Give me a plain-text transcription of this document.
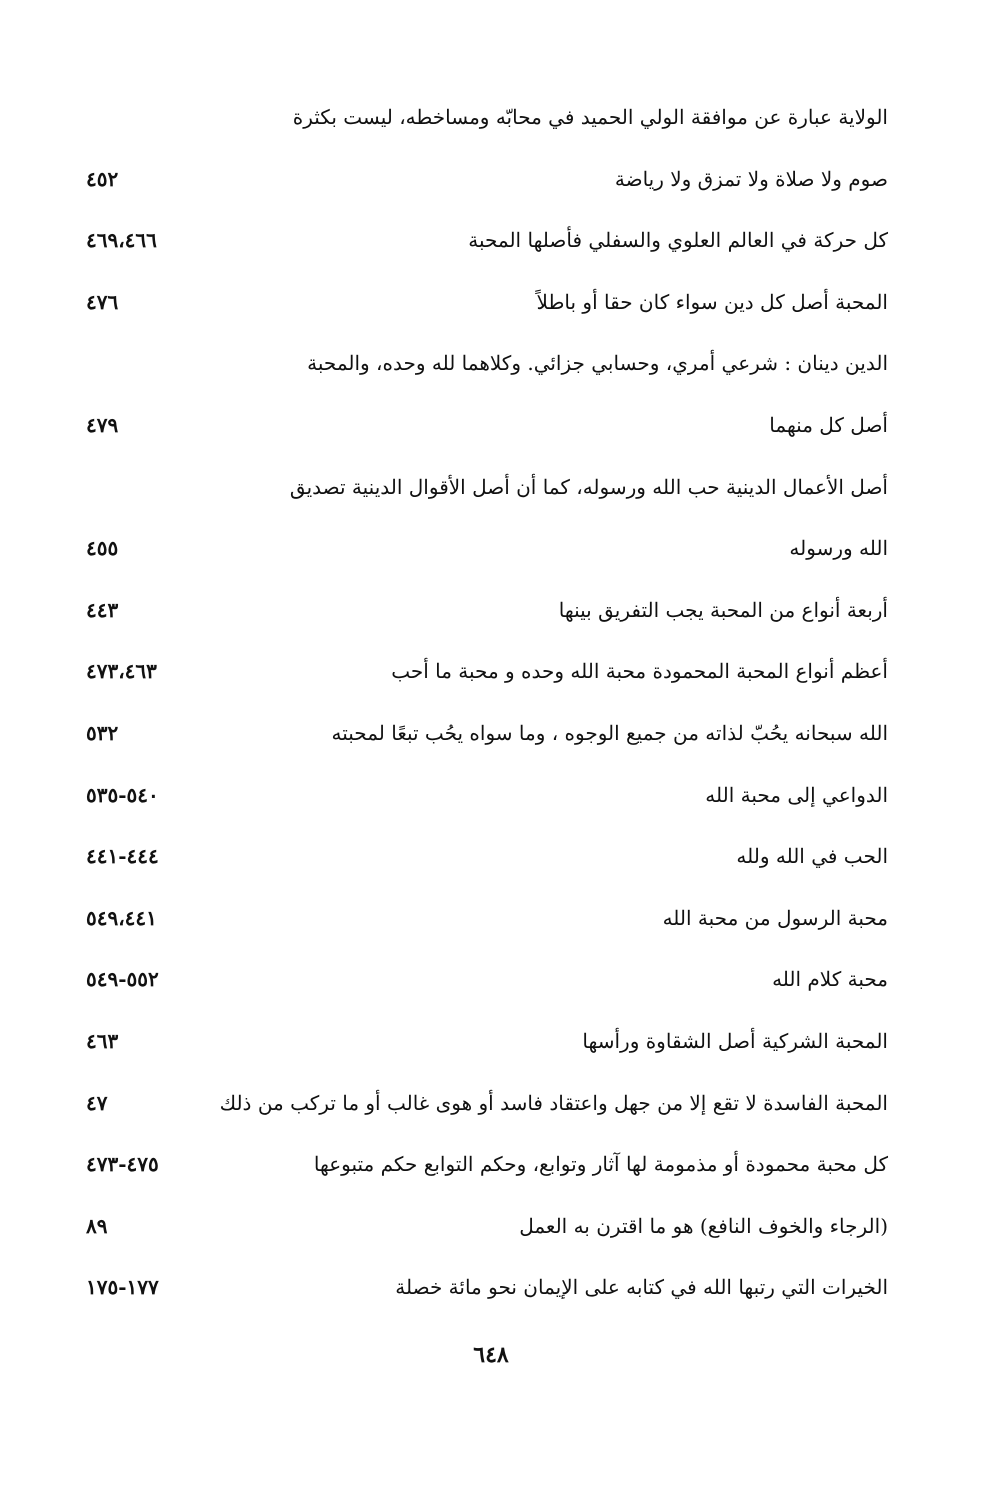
الولاية عبارة عن موافقة الولي الحميد في محابّه ومساخطه، ليست بكثرة
صوم ولا صلاة ولا تمزق ولا رياضة
٤٥٢
كل حركة في العالم العلوي والسفلي فأصلها المحبة
٤٦٩،٤٦٦
المحبة أصل كل دين سواء كان حقا أو باطلاً
٤٧٦
الدين دينان : شرعي أمري، وحسابي جزائي. وكلاهما لله وحده، والمحبة
أصل كل منهما
٤٧٩
أصل الأعمال الدينية حب الله ورسوله، كما أن أصل الأقوال الدينية تصديق
الله ورسوله
٤٥٥
أربعة أنواع من المحبة يجب التفريق بينها
٤٤٣
أعظم أنواع المحبة المحمودة محبة الله وحده و محبة ما أحب
٤٧٣،٤٦٣
الله سبحانه يحُبّ لذاته من جميع الوجوه ، وما سواه يحُب تبعًا لمحبته
٥٣٢
الدواعي إلى محبة الله
٥٤٠-٥٣٥
الحب في الله ولله
٤٤٤-٤٤١
محبة الرسول من محبة الله
٥٤٩،٤٤١
محبة كلام الله
٥٥٢-٥٤٩
المحبة الشركية أصل الشقاوة ورأسها
٤٦٣
المحبة الفاسدة لا تقع إلا من جهل واعتقاد فاسد أو هوى غالب أو ما تركب من ذلك
٤٧
كل محبة محمودة أو مذمومة لها آثار وتوابع، وحكم التوابع حكم متبوعها
٤٧٥-٤٧٣
(الرجاء والخوف النافع) هو ما اقترن به العمل
٨٩
الخيرات التي رتبها الله في كتابه على الإيمان نحو مائة خصلة
١٧٧-١٧٥
٦٤٨
